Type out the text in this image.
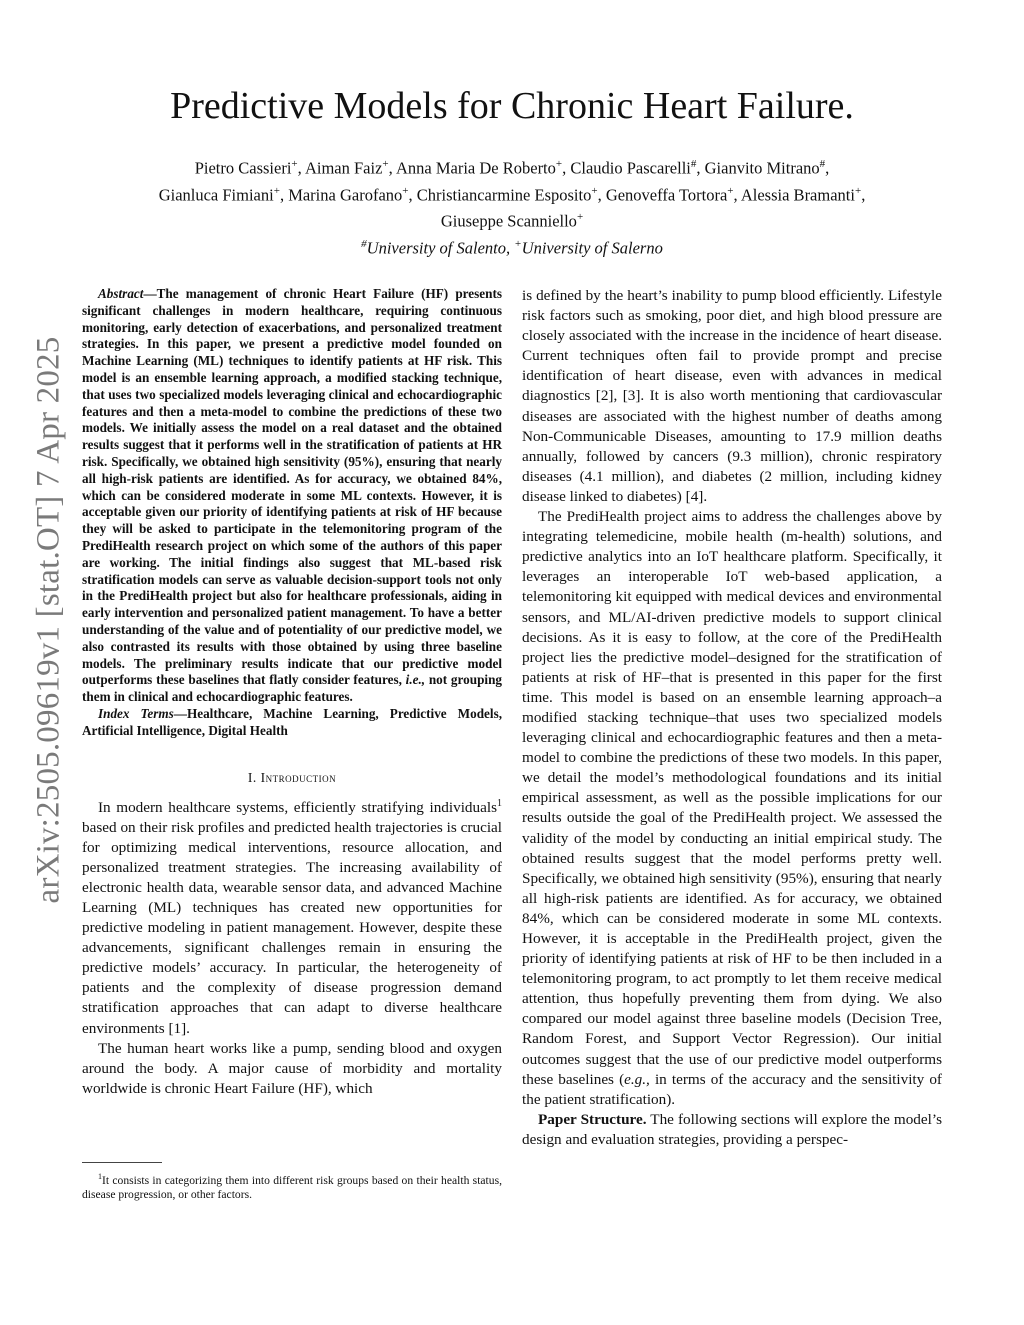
arXiv:2505.09619v1 [stat.OT] 7 Apr 2025
Predictive Models for Chronic Heart Failure.
Pietro Cassieri+, Aiman Faiz+, Anna Maria De Roberto+, Claudio Pascarelli#, Gianvito Mitrano#,
Gianluca Fimiani+, Marina Garofano+, Christiancarmine Esposito+, Genoveffa Tortora+, Alessia Bramanti+,
Giuseppe Scanniello+
#University of Salento, +University of Salerno

Abstract—The management of chronic Heart Failure (HF) presents significant challenges in modern healthcare, requiring continuous monitoring, early detection of exacerbations, and personalized treatment strategies. In this paper, we present a predictive model founded on Machine Learning (ML) techniques to identify patients at HF risk. This model is an ensemble learning approach, a modified stacking technique, that uses two specialized models leveraging clinical and echocardiographic features and then a meta-model to combine the predictions of these two models. We initially assess the model on a real dataset and the obtained results suggest that it performs well in the stratification of patients at HR risk. Specifically, we obtained high sensitivity (95%), ensuring that nearly all high-risk patients are identified. As for accuracy, we obtained 84%, which can be considered moderate in some ML contexts. However, it is acceptable given our priority of identifying patients at risk of HF because they will be asked to participate in the telemonitoring program of the PrediHealth research project on which some of the authors of this paper are working. The initial findings also suggest that ML-based risk stratification models can serve as valuable decision-support tools not only in the PrediHealth project but also for healthcare professionals, aiding in early intervention and personalized patient management. To have a better understanding of the value and of potentiality of our predictive model, we also contrasted its results with those obtained by using three baseline models. The preliminary results indicate that our predictive model outperforms these baselines that flatly consider features, i.e., not grouping them in clinical and echocardiographic features.

Index Terms—Healthcare, Machine Learning, Predictive Models, Artificial Intelligence, Digital Health

I. Introduction

In modern healthcare systems, efficiently stratifying individuals$^1$ based on their risk profiles and predicted health trajectories is crucial for optimizing medical interventions, resource allocation, and personalized treatment strategies. The increasing availability of electronic health data, wearable sensor data, and advanced Machine Learning (ML) techniques has created new opportunities for predictive modeling in patient management. However, despite these advancements, significant challenges remain in ensuring the predictive models’ accuracy. In particular, the heterogeneity of patients and the complexity of disease progression demand stratification approaches that can adapt to diverse healthcare environments [1].

The human heart works like a pump, sending blood and oxygen around the body. A major cause of morbidity and mortality worldwide is chronic Heart Failure (HF), which

$^1$It consists in categorizing them into different risk groups based on their health status, disease progression, or other factors.

is defined by the heart’s inability to pump blood efficiently. Lifestyle risk factors such as smoking, poor diet, and high blood pressure are closely associated with the increase in the incidence of heart disease. Current techniques often fail to provide prompt and precise identification of heart disease, even with advances in medical diagnostics [2], [3]. It is also worth mentioning that cardiovascular diseases are associated with the highest number of deaths among Non-Communicable Diseases, amounting to 17.9 million deaths annually, followed by cancers (9.3 million), chronic respiratory diseases (4.1 million), and diabetes (2 million, including kidney disease linked to diabetes) [4].

The PrediHealth project aims to address the challenges above by integrating telemedicine, mobile health (m-health) solutions, and predictive analytics into an IoT healthcare platform. Specifically, it leverages an interoperable IoT web-based application, a telemonitoring kit equipped with medical devices and environmental sensors, and ML/AI-driven predictive models to support clinical decisions. As it is easy to follow, at the core of the PrediHealth project lies the predictive model–designed for the stratification of patients at risk of HF–that is presented in this paper for the first time. This model is based on an ensemble learning approach–a modified stacking technique–that uses two specialized models leveraging clinical and echocardiographic features and then a meta-model to combine the predictions of these two models. In this paper, we detail the model’s methodological foundations and its initial empirical assessment, as well as the possible implications for our results outside the goal of the PrediHealth project. We assessed the validity of the model by conducting an initial empirical study. The obtained results suggest that the model performs pretty well. Specifically, we obtained high sensitivity (95%), ensuring that nearly all high-risk patients are identified. As for accuracy, we obtained 84%, which can be considered moderate in some ML contexts. However, it is acceptable in the PrediHealth project, given the priority of identifying patients at risk of HF to be then included in a telemonitoring program, to act promptly to let them receive medical attention, thus hopefully preventing them from dying. We also compared our model against three baseline models (Decision Tree, Random Forest, and Support Vector Regression). Our initial outcomes suggest that the use of our predictive model outperforms these baselines (e.g., in terms of the accuracy and the sensitivity of the patient stratification).

Paper Structure. The following sections will explore the model’s design and evaluation strategies, providing a perspec-
